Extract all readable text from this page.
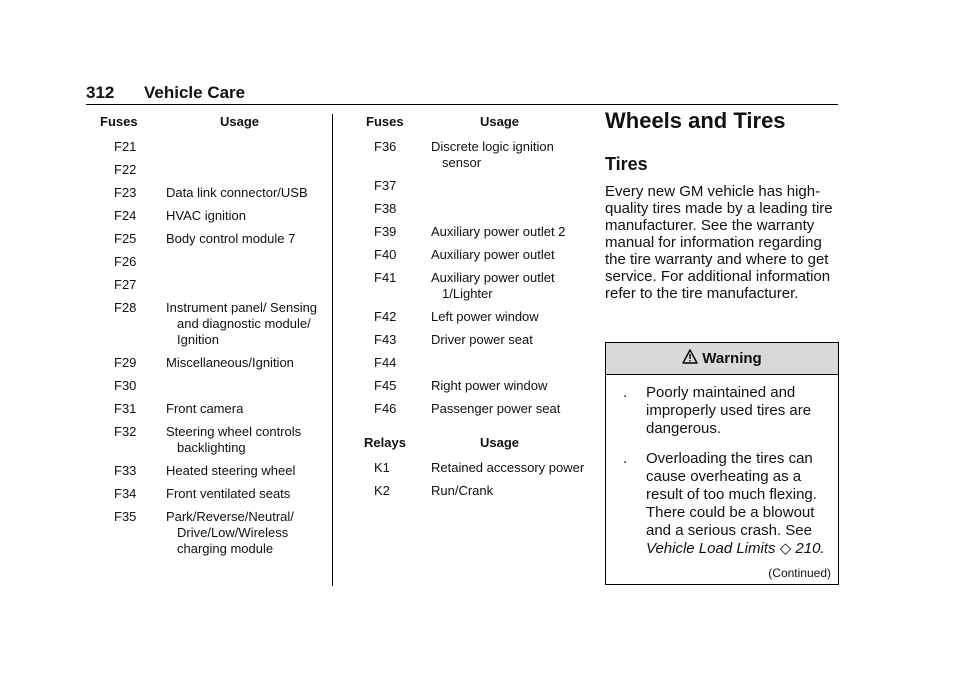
312 Vehicle Care
Fuses	Usage
F21
F22
F23	Data link connector/USB
F24	HVAC ignition
F25	Body control module 7
F26
F27
F28	Instrument panel/ Sensing and diagnostic module/ Ignition
F29	Miscellaneous/Ignition
F30
F31	Front camera
F32	Steering wheel controls backlighting
F33	Heated steering wheel
F34	Front ventilated seats
F35	Park/Reverse/Neutral/ Drive/Low/Wireless charging module
Fuses	Usage
F36	Discrete logic ignition sensor
F37
F38
F39	Auxiliary power outlet 2
F40	Auxiliary power outlet
F41	Auxiliary power outlet 1/Lighter
F42	Left power window
F43	Driver power seat
F44
F45	Right power window
F46	Passenger power seat
Relays	Usage
K1	Retained accessory power
K2	Run/Crank
Wheels and Tires
Tires

Every new GM vehicle has high-quality tires made by a leading tire manufacturer. See the warranty manual for information regarding the tire warranty and where to get service. For additional information refer to the tire manufacturer.

Warning
. Poorly maintained and improperly used tires are dangerous.
. Overloading the tires can cause overheating as a result of too much flexing. There could be a blowout and a serious crash. See Vehicle Load Limits ◇ 210.
(Continued)
